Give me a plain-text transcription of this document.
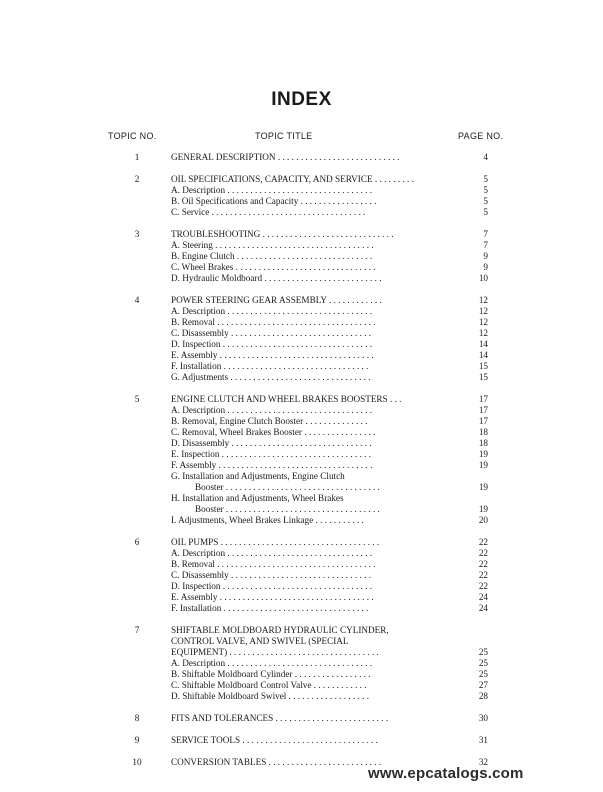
INDEX
TOPIC NO.	TOPIC TITLE	PAGE NO.
1	GENERAL DESCRIPTION . . . . . . . . . . . . . . . . . . . . . . . . . . .	4
2	OIL SPECIFICATIONS, CAPACITY, AND SERVICE . . . . . . . . .	5
A. Description . . . . . . . . . . . . . . . . . . . . . . . . . . . . . . . .	5
B. Oil Specifications and Capacity . . . . . . . . . . . . . . . . .	5
C. Service . . . . . . . . . . . . . . . . . . . . . . . . . . . . . . . . . .	5
3	TROUBLESHOOTING . . . . . . . . . . . . . . . . . . . . . . . . . . . . .	7
A. Steering . . . . . . . . . . . . . . . . . . . . . . . . . . . . . . . . . . .	7
B. Engine Clutch . . . . . . . . . . . . . . . . . . . . . . . . . . . . . .	9
C. Wheel Brakes . . . . . . . . . . . . . . . . . . . . . . . . . . . . . . .	9
D. Hydraulic Moldboard . . . . . . . . . . . . . . . . . . . . . . . . . .	10
4	POWER STEERING GEAR ASSEMBLY . . . . . . . . . . . .	12
A. Description . . . . . . . . . . . . . . . . . . . . . . . . . . . . . . . .	12
B. Removal . . . . . . . . . . . . . . . . . . . . . . . . . . . . . . . . . . .	12
C. Disassembly . . . . . . . . . . . . . . . . . . . . . . . . . . . . . . .	12
D. Inspection . . . . . . . . . . . . . . . . . . . . . . . . . . . . . . . . .	14
E. Assembly . . . . . . . . . . . . . . . . . . . . . . . . . . . . . . . . . .	14
F. Installation . . . . . . . . . . . . . . . . . . . . . . . . . . . . . . . .	15
G. Adjustments . . . . . . . . . . . . . . . . . . . . . . . . . . . . . . .	15
5	ENGINE CLUTCH AND WHEEL BRAKES BOOSTERS . . .	17
A. Description . . . . . . . . . . . . . . . . . . . . . . . . . . . . . . . .	17
B. Removal, Engine Clutch Booster . . . . . . . . . . . . . .	17
C. Removal, Wheel Brakes Booster . . . . . . . . . . . . . . . .	18
D. Disassembly . . . . . . . . . . . . . . . . . . . . . . . . . . . . . . .	18
E. Inspection . . . . . . . . . . . . . . . . . . . . . . . . . . . . . . . . .	19
F. Assembly . . . . . . . . . . . . . . . . . . . . . . . . . . . . . . . . . .	19
G. Installation and Adjustments, Engine Clutch
Booster . . . . . . . . . . . . . . . . . . . . . . . . . . . . . . . . . .	19
H. Installation and Adjustments, Wheel Brakes
Booster . . . . . . . . . . . . . . . . . . . . . . . . . . . . . . . . . .	19
I. Adjustments, Wheel Brakes Linkage . . . . . . . . . . .	20
6	OIL PUMPS . . . . . . . . . . . . . . . . . . . . . . . . . . . . . . . . . . .	22
A. Description . . . . . . . . . . . . . . . . . . . . . . . . . . . . . . . .	22
B. Removal . . . . . . . . . . . . . . . . . . . . . . . . . . . . . . . . . . .	22
C. Disassembly . . . . . . . . . . . . . . . . . . . . . . . . . . . . . . .	22
D. Inspection . . . . . . . . . . . . . . . . . . . . . . . . . . . . . . . . .	22
E. Assembly . . . . . . . . . . . . . . . . . . . . . . . . . . . . . . . . . .	24
F. Installation . . . . . . . . . . . . . . . . . . . . . . . . . . . . . . . .	24
7	SHIFTABLE MOLDBOARD HYDRAULIC CYLINDER,
CONTROL VALVE, AND SWIVEL (SPECIAL
EQUIPMENT) . . . . . . . . . . . . . . . . . . . . . . . . . . . . . . . . .	25
A. Description . . . . . . . . . . . . . . . . . . . . . . . . . . . . . . . .	25
B. Shiftable Moldboard Cylinder . . . . . . . . . . . . . . . . .	25
C. Shiftable Moldboard Control Valve . . . . . . . . . . . .	27
D. Shiftable Moldboard Swivel . . . . . . . . . . . . . . . . . .	28
8	FITS AND TOLERANCES . . . . . . . . . . . . . . . . . . . . . . . . .	30
9	SERVICE TOOLS . . . . . . . . . . . . . . . . . . . . . . . . . . . . . .	31
10	CONVERSION TABLES . . . . . . . . . . . . . . . . . . . . . . . . .	32
www.epcatalogs.com
